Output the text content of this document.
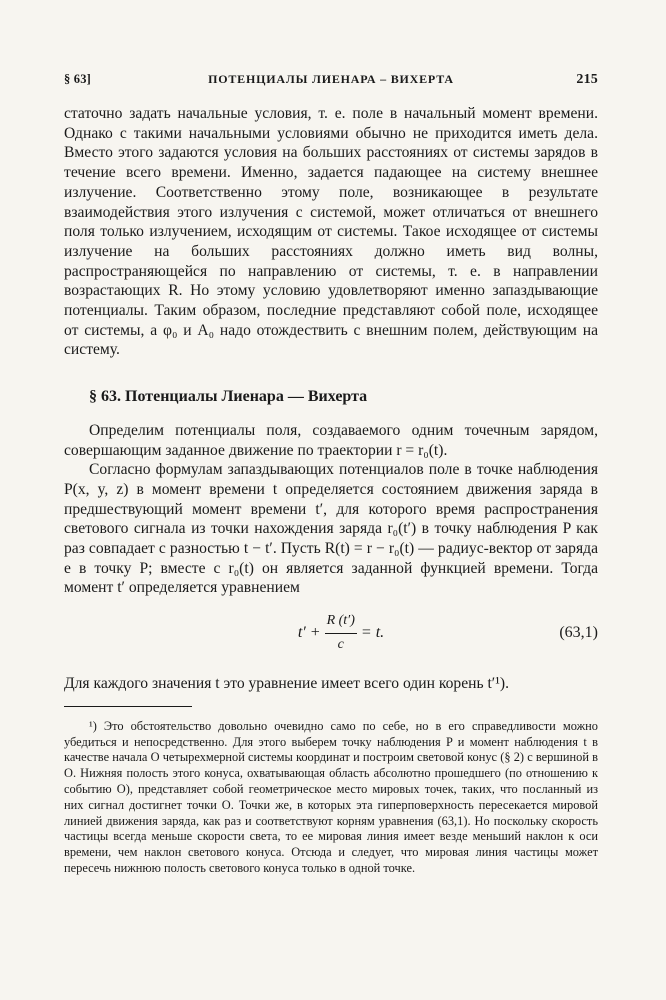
§ 63]	ПОТЕНЦИАЛЫ ЛИЕНАРА – ВИХЕРТА	215

статочно задать начальные условия, т. е. поле в начальный момент времени. Однако с такими начальными условиями обычно не приходится иметь дела. Вместо этого задаются условия на больших расстояниях от системы зарядов в течение всего времени. Именно, задается падающее на систему внешнее излучение. Соответственно этому поле, возникающее в результате взаимодействия этого излучения с системой, может отличаться от внешнего поля только излучением, исходящим от системы. Такое исходящее от системы излучение на больших расстояниях должно иметь вид волны, распространяющейся по направлению от системы, т. е. в направлении возрастающих R. Но этому условию удовлетворяют именно запаздывающие потенциалы. Таким образом, последние представляют собой поле, исходящее от системы, а φ₀ и A₀ надо отождествить с внешним полем, действующим на систему.

§ 63. Потенциалы Лиенара — Вихерта

Определим потенциалы поля, создаваемого одним точечным зарядом, совершающим заданное движение по траектории r = r₀(t).

Согласно формулам запаздывающих потенциалов поле в точке наблюдения P(x, y, z) в момент времени t определяется состоянием движения заряда в предшествующий момент времени t′, для которого время распространения светового сигнала из точки нахождения заряда r₀(t′) в точку наблюдения P как раз совпадает с разностью t − t′. Пусть R(t) = r − r₀(t) — радиус-вектор от заряда e в точку P; вместе с r₀(t) он является заданной функцией времени. Тогда момент t′ определяется уравнением

$t' + \frac{R (t')}{c} = t$.	(63,1)

Для каждого значения t это уравнение имеет всего один корень t′¹).

¹) Это обстоятельство довольно очевидно само по себе, но в его справедливости можно убедиться и непосредственно. Для этого выберем точку наблюдения P и момент наблюдения t в качестве начала O четырехмерной системы координат и построим световой конус (§ 2) с вершиной в O. Нижняя полость этого конуса, охватывающая область абсолютно прошедшего (по отношению к событию O), представляет собой геометрическое место мировых точек, таких, что посланный из них сигнал достигнет точки O. Точки же, в которых эта гиперповерхность пересекается мировой линией движения заряда, как раз и соответствуют корням уравнения (63,1). Но поскольку скорость частицы всегда меньше скорости света, то ее мировая линия имеет везде меньший наклон к оси времени, чем наклон светового конуса. Отсюда и следует, что мировая линия частицы может пересечь нижнюю полость светового конуса только в одной точке.
